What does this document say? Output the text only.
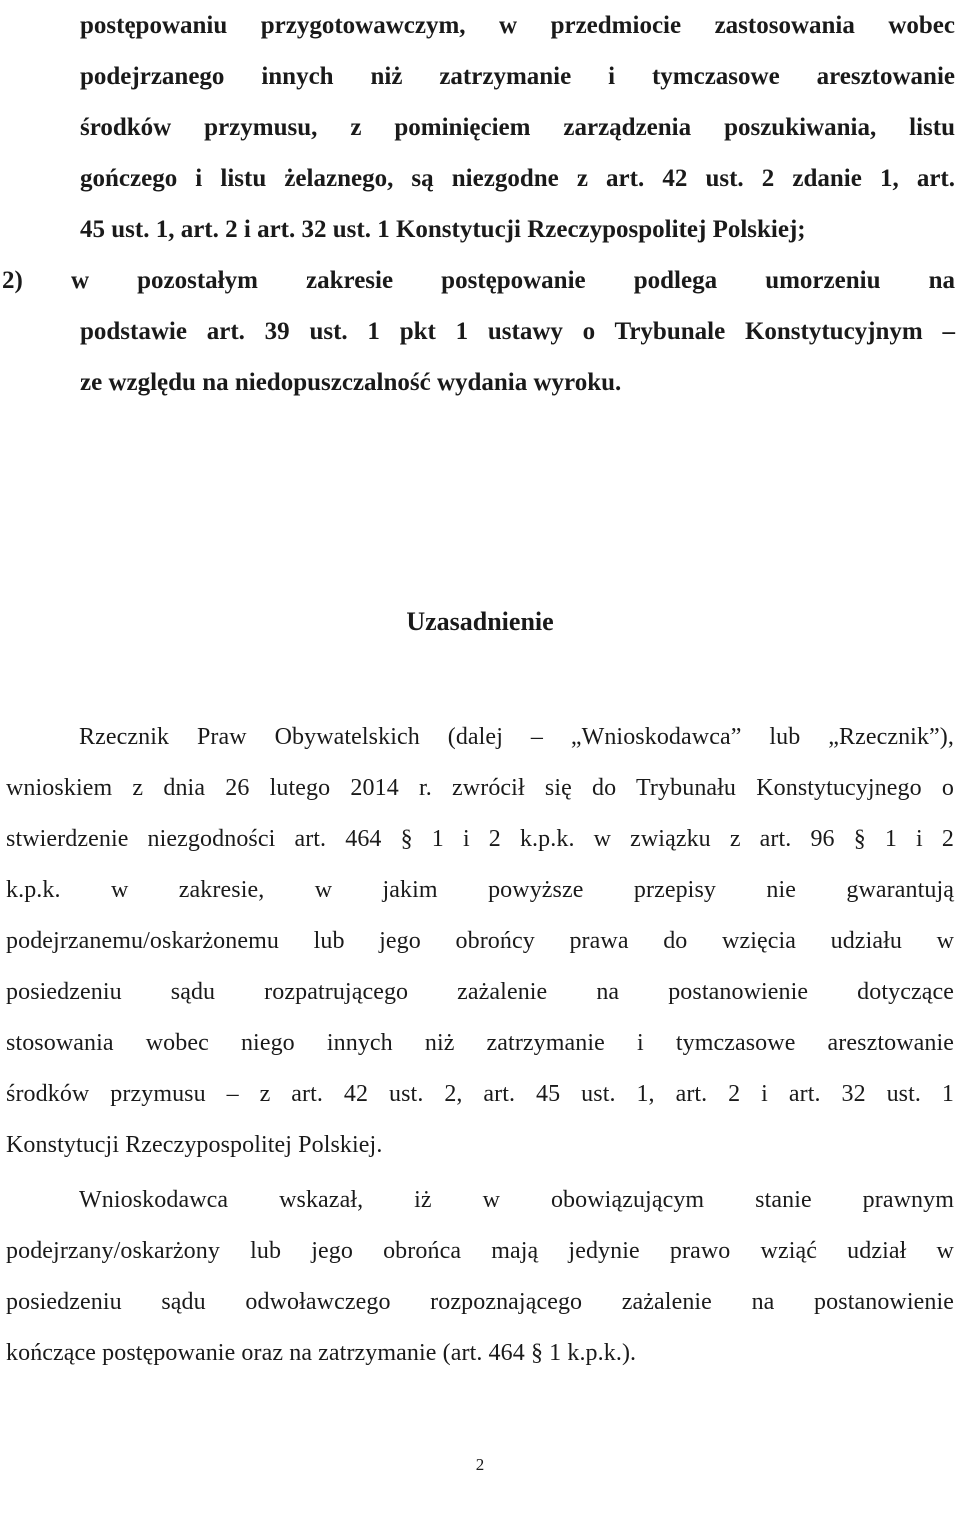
postępowaniu przygotowawczym, w przedmiocie zastosowania wobec

podejrzanego innych niż zatrzymanie i tymczasowe aresztowanie

środków przymusu, z pominięciem zarządzenia poszukiwania, listu

gończego i listu żelaznego, są niezgodne z art. 42 ust. 2 zdanie 1, art.

45 ust. 1, art. 2 i art. 32 ust. 1 Konstytucji Rzeczypospolitej Polskiej;

2) w pozostałym zakresie postępowanie podlega umorzeniu na

podstawie art. 39 ust. 1 pkt 1 ustawy o Trybunale Konstytucyjnym –

ze względu na niedopuszczalność wydania wyroku.

Uzasadnienie

Rzecznik Praw Obywatelskich (dalej – „Wnioskodawca” lub „Rzecznik”),

wnioskiem z dnia 26 lutego 2014 r. zwrócił się do Trybunału Konstytucyjnego o

stwierdzenie niezgodności art. 464 § 1 i 2 k.p.k. w związku z art. 96 § 1 i 2

k.p.k. w zakresie, w jakim powyższe przepisy nie gwarantują

podejrzanemu/oskarżonemu lub jego obrońcy prawa do wzięcia udziału w

posiedzeniu sądu rozpatrującego zażalenie na postanowienie dotyczące

stosowania wobec niego innych niż zatrzymanie i tymczasowe aresztowanie

środków przymusu – z art. 42 ust. 2, art. 45 ust. 1, art. 2 i art. 32 ust. 1

Konstytucji Rzeczypospolitej Polskiej.

Wnioskodawca wskazał, iż w obowiązującym stanie prawnym

podejrzany/oskarżony lub jego obrońca mają jedynie prawo wziąć udział w

posiedzeniu sądu odwoławczego rozpoznającego zażalenie na postanowienie

kończące postępowanie oraz na zatrzymanie (art. 464 § 1 k.p.k.).

2
